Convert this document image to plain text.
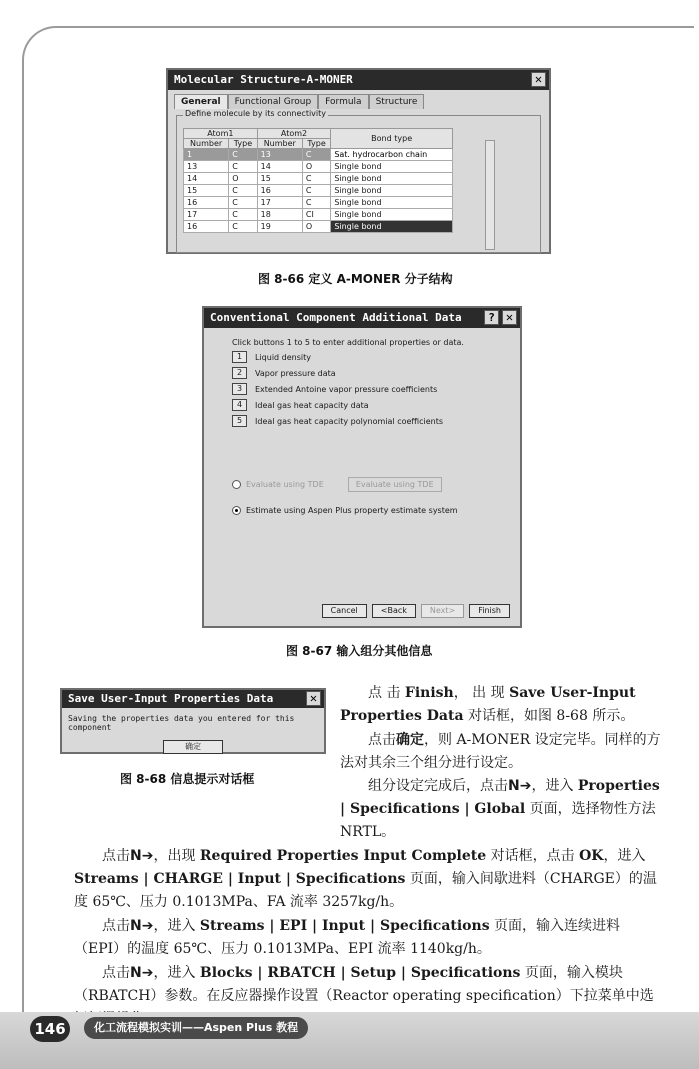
Molecular Structure-A-MONER	✕
General	Functional Group	Formula	Structure
Define molecule by its connectivity
Atom1		Atom2		Bond type
Number	Type	Number	Type	
1	C	13	C	Sat. hydrocarbon chain
13	C	14	O	Single bond
14	O	15	C	Single bond
15	C	16	C	Single bond
16	C	17	C	Single bond
17	C	18	CI	Single bond
16	C	19	O	Single bond
图 8-66 定义 A-MONER 分子结构
Conventional Component Additional Data	? ✕
Click buttons 1 to 5 to enter additional properties or data.
1	Liquid density
2	Vapor pressure data
3	Extended Antoine vapor pressure coefficients
4	Ideal gas heat capacity data
5	Ideal gas heat capacity polynomial coefficients
Evaluate using TDE	Evaluate using TDE
Estimate using Aspen Plus property estimate system
Cancel	<Back	Next>	Finish
图 8-67 输入组分其他信息
Save User-Input Properties Data	✕
Saving the properties data you entered for this component
确定
图 8-68 信息提示对话框
点 击 Finish， 出 现 Save User-Input Properties Data 对话框，如图 8-68 所示。
点击确定，则 A-MONER 设定完毕。同样的方法对其余三个组分进行设定。
组分设定完成后，点击N➔，进入 Properties | Specifications | Global 页面，选择物性方法 NRTL。
点击N➔，出现 Required Properties Input Complete 对话框，点击 OK，进入 Streams | CHARGE | Input | Specifications 页面，输入间歇进料（CHARGE）的温度 65℃、压力 0.1013MPa、FA 流率 3257kg/h。
点击N➔，进入 Streams | EPI | Input | Specifications 页面，输入连续进料（EPI）的温度 65℃、压力 0.1013MPa、EPI 流率 1140kg/h。
点击N➔，进入 Blocks | RBATCH | Setup | Specifications 页面，输入模块（RBATCH）参数。在反应器操作设置（Reactor operating specification）下拉菜单中选
146	化工流程模拟实训——Aspen Plus 教程
